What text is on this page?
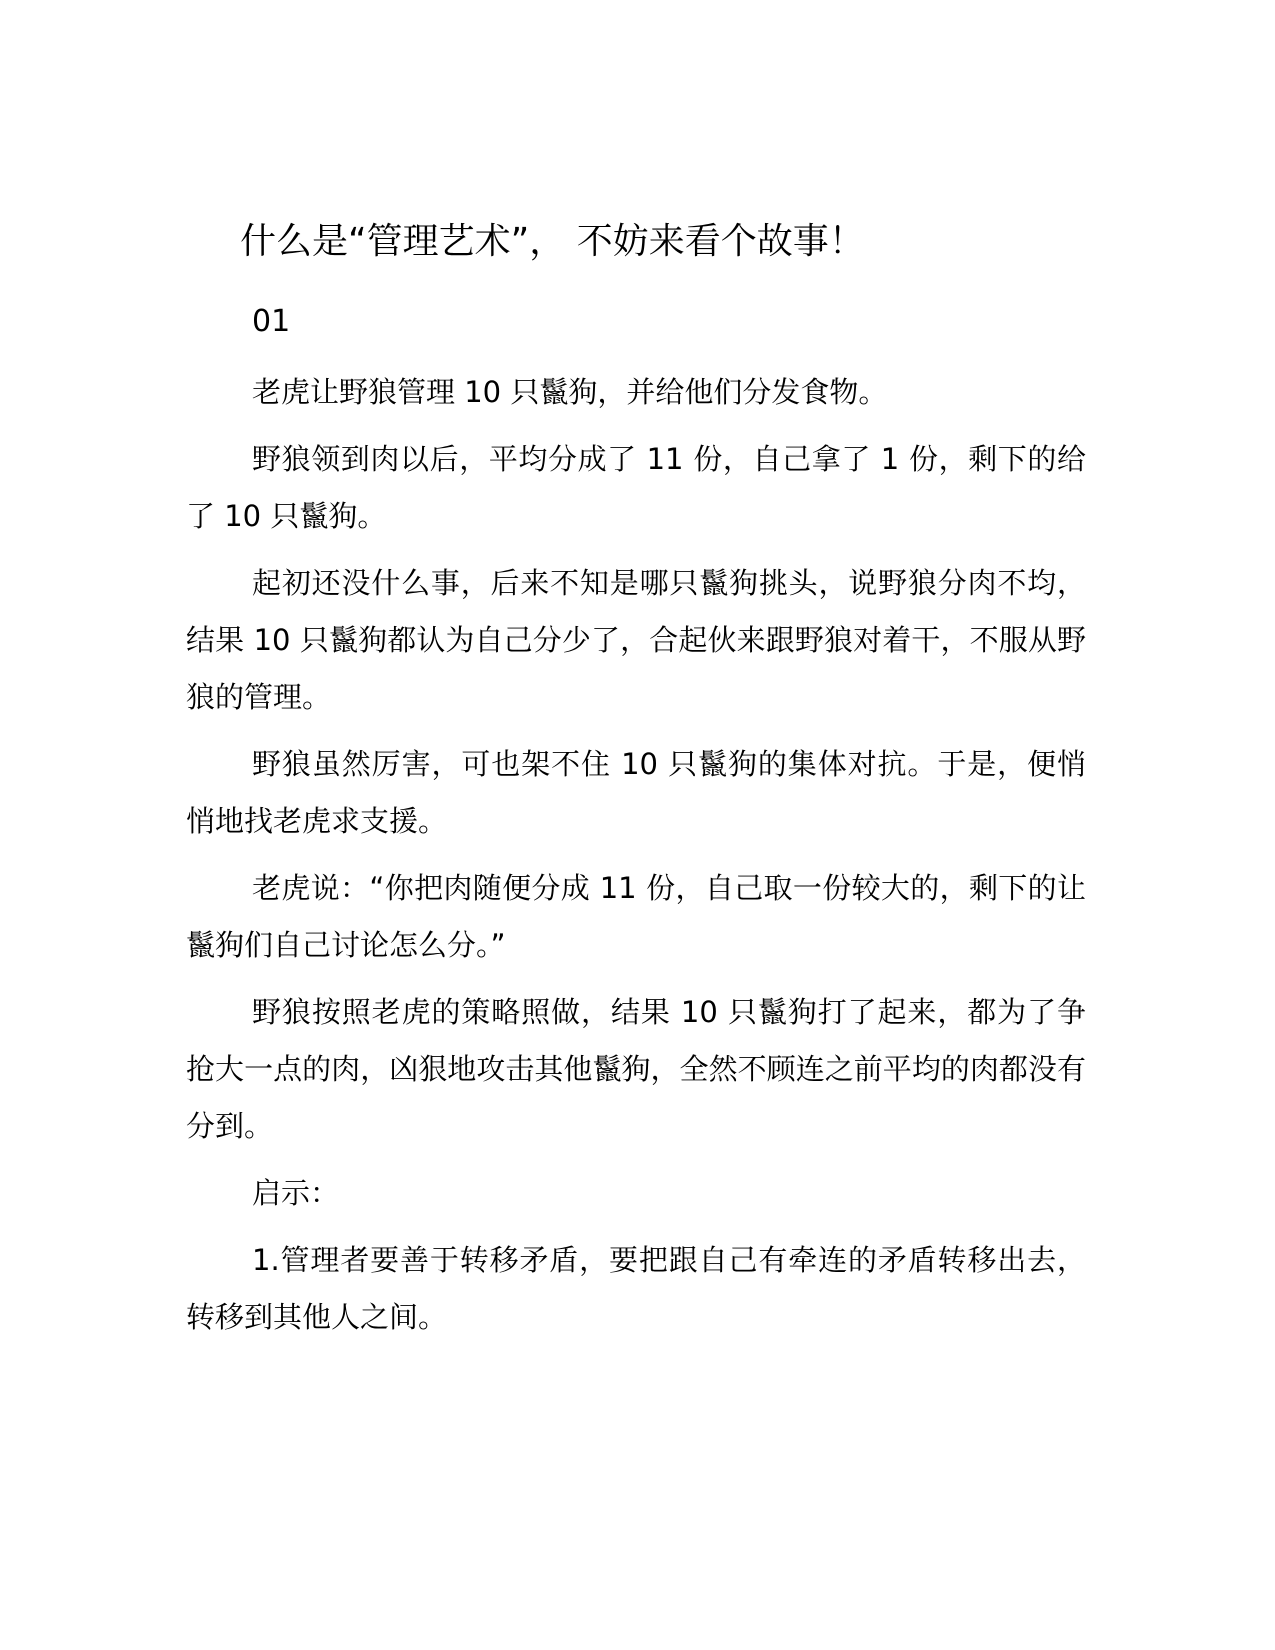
什么是“管理艺术”， 不妨来看个故事！
01

老虎让野狼管理 10 只鬣狗，并给他们分发食物。

野狼领到肉以后，平均分成了 11 份，自己拿了 1 份，剩下的给了 10 只鬣狗。

起初还没什么事，后来不知是哪只鬣狗挑头，说野狼分肉不均，结果 10 只鬣狗都认为自己分少了，合起伙来跟野狼对着干，不服从野狼的管理。

野狼虽然厉害，可也架不住 10 只鬣狗的集体对抗。于是，便悄悄地找老虎求支援。

老虎说：“你把肉随便分成 11 份，自己取一份较大的，剩下的让鬣狗们自己讨论怎么分。”

野狼按照老虎的策略照做，结果 10 只鬣狗打了起来，都为了争抢大一点的肉，凶狠地攻击其他鬣狗，全然不顾连之前平均的肉都没有分到。

启示：

1.管理者要善于转移矛盾，要把跟自己有牵连的矛盾转移出去，转移到其他人之间。
